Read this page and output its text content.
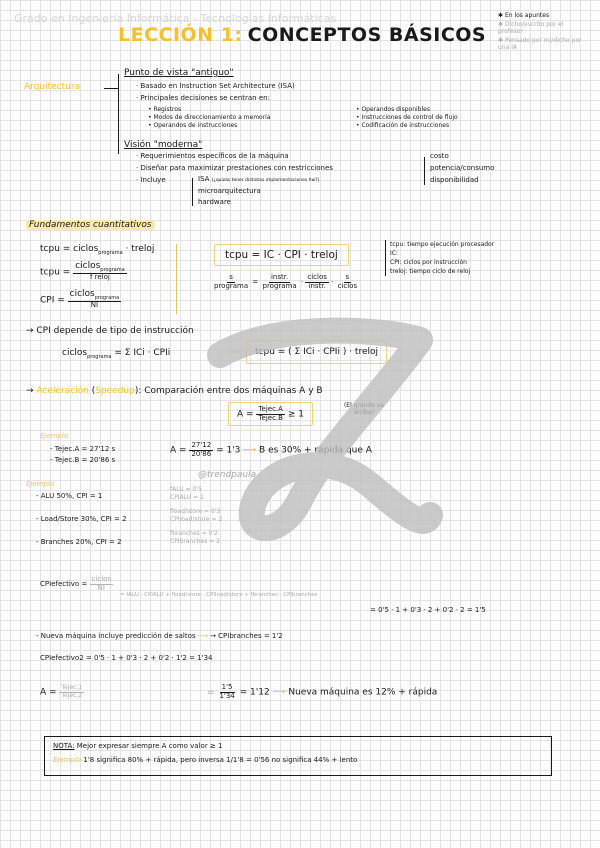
Grado en Ingeniería Informática - Tecnologías Informáticas
LECCIÓN 1: CONCEPTOS BÁSICOS
✱ En los apuntes
✱ Dicho/escrito por el profesor
✱ Pensado por mí/dicho por una IA
Arquitectura
Punto de vista "antiguo"
· Basado en Instruction Set Architecture (ISA)
· Principales decisiones se centran en:
• Registros
• Modos de direccionamiento a memoria
• Operandos de instrucciones
• Operandos disponibles
• Instrucciones de control de flujo
• Codificación de instrucciones
Visión "moderna"
· Requerimientos específicos de la máquina
· Diseñar para maximizar prestaciones con restricciones
· Incluye
costo
potencia/consumo
disponibilidad
ISA (¿quizás tener distintas implementaciones hw?)
microarquitectura
hardware
Fundamentos cuantitativos
tcpu = ciclos$_{programa}$ · treloj
tcpu = $\frac{ciclos_{programa}}{\text{f reloj}}$
CPI = $\frac{ciclos_{programa}}{NI}$
tcpu = IC · CPI · treloj
$\frac{s}{\text{programa}} = \frac{\text{instr.}}{\text{programa}} \cdot \frac{\text{ciclos}}{\text{instr.}} \cdot \frac{s}{\text{ciclos}}$
tcpu: tiempo ejecución procesador
IC:
CPI: ciclos por instrucción
treloj: tiempo ciclo de reloj
→ CPI depende de tipo de instrucción
ciclos$_{programa}$ = Σ ICi · CPIi	⟶	tcpu = ( Σ ICi · CPIi ) · treloj
→ Aceleración (Speedup): Comparación entre dos máquinas A y B
$A = \frac{\text{Tejec.A}}{\text{Tejec.B}} \ge 1$
(El grande va arriba)
Ejemplo
- Tejec.A = 27'12 s
- Tejec.B = 20'86 s
$A = \frac{27'12}{20'86} = 1'3$ ⟶ B es 30% + rápida que A
Ejemplo
- ALU 50%, CPI = 1
- Load/Store 30%, CPI = 2
- Branches 20%, CPI = 2
fALU = 0'5
CPIALU = 1
fload/store = 0'3
CPIload/store = 2
fbranches = 0'2
CPIbranches = 2
@trendpaula
CPIefectivo = $\frac{\text{ciclos}}{NI}$
= fALU · CPIALU + fload/store · CPIload/store + fbranches · CPIbranches
= 0'5 · 1 + 0'3 · 2 + 0'2 · 2 = 1'5
- Nueva máquina incluye predicción de saltos ⟶ → CPIbranches = 1'2
CPIefectivo2 = 0'5 · 1 + 0'3 · 2 + 0'2 · 1'2 = 1'34
$A = \frac{\text{Tejec.1}}{\text{Tejec.2}}$	= $\frac{1'5}{1'34} = 1'12$ ⟶ Nueva máquina es 12% + rápida
NOTA: Mejor expresar siempre A como valor ≥ 1
Ejemplo 1'8 significa 80% + rápida, pero inversa 1/1'8 = 0'56 no significa 44% + lento
